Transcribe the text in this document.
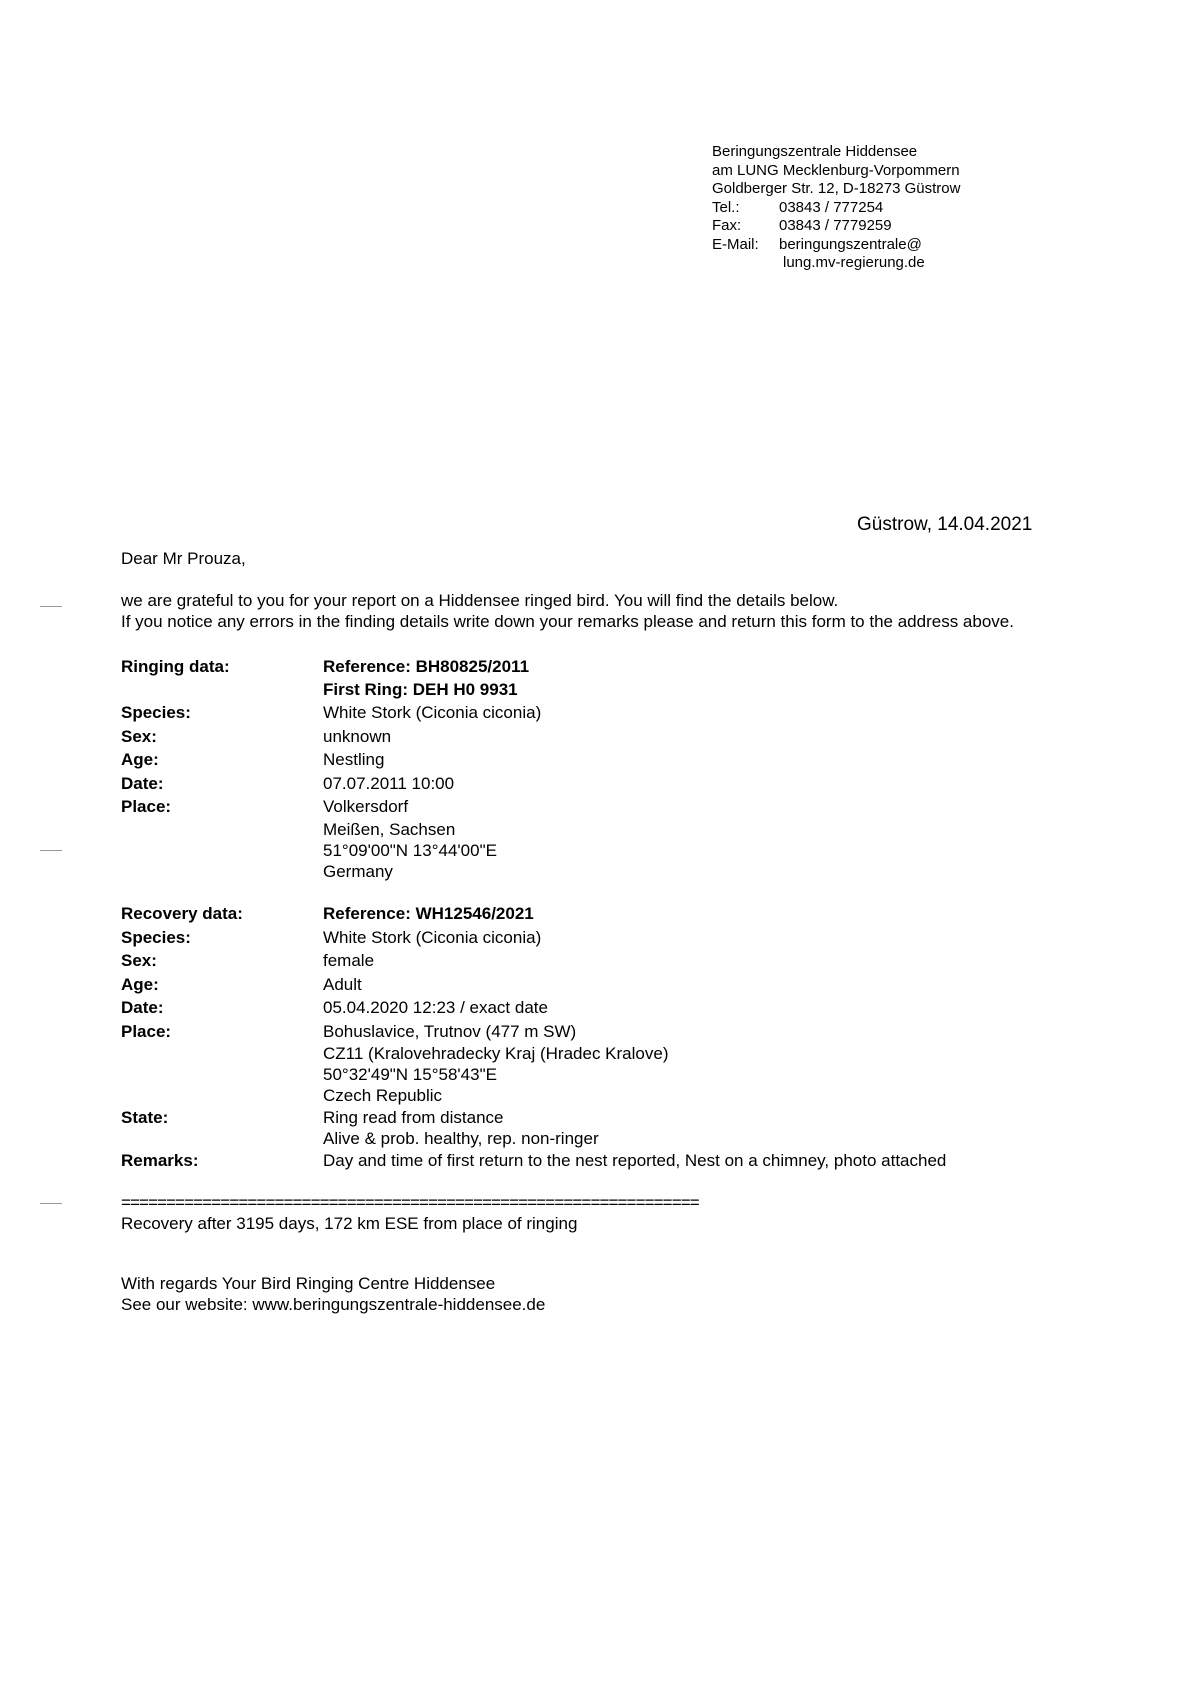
Beringungszentrale Hiddensee
am LUNG Mecklenburg-Vorpommern
Goldberger Str. 12, D-18273 Güstrow
Tel.:	03843 / 777254
Fax:	03843 / 7779259
E-Mail: beringungszentrale@
lung.mv-regierung.de
Güstrow, 14.04.2021
Dear Mr Prouza,
we are grateful to you for your report on a Hiddensee ringed bird. You will find the details below.
If you notice any errors in the finding details write down your remarks please and return this form to the address above.
Ringing data:	Reference: BH80825/2011
First Ring: DEH H0 9931
Species:	White Stork (Ciconia ciconia)
Sex:	unknown
Age:	Nestling
Date:	07.07.2011 10:00
Place:	Volkersdorf
Meißen, Sachsen
51°09'00"N 13°44'00"E
Germany
Recovery data:	Reference: WH12546/2021
Species:	White Stork (Ciconia ciconia)
Sex:	female
Age:	Adult
Date:	05.04.2020 12:23 / exact date
Place:	Bohuslavice, Trutnov (477 m SW)
CZ11 (Kralovehradecky Kraj (Hradec Kralove)
50°32'49"N 15°58'43"E
Czech Republic
State:	Ring read from distance
Alive & prob. healthy, rep. non-ringer
Remarks:	Day and time of first return to the nest reported, Nest on a chimney, photo attached
================================================================
Recovery after 3195 days, 172 km ESE from place of ringing
With regards Your Bird Ringing Centre Hiddensee
See our website: www.beringungszentrale-hiddensee.de
